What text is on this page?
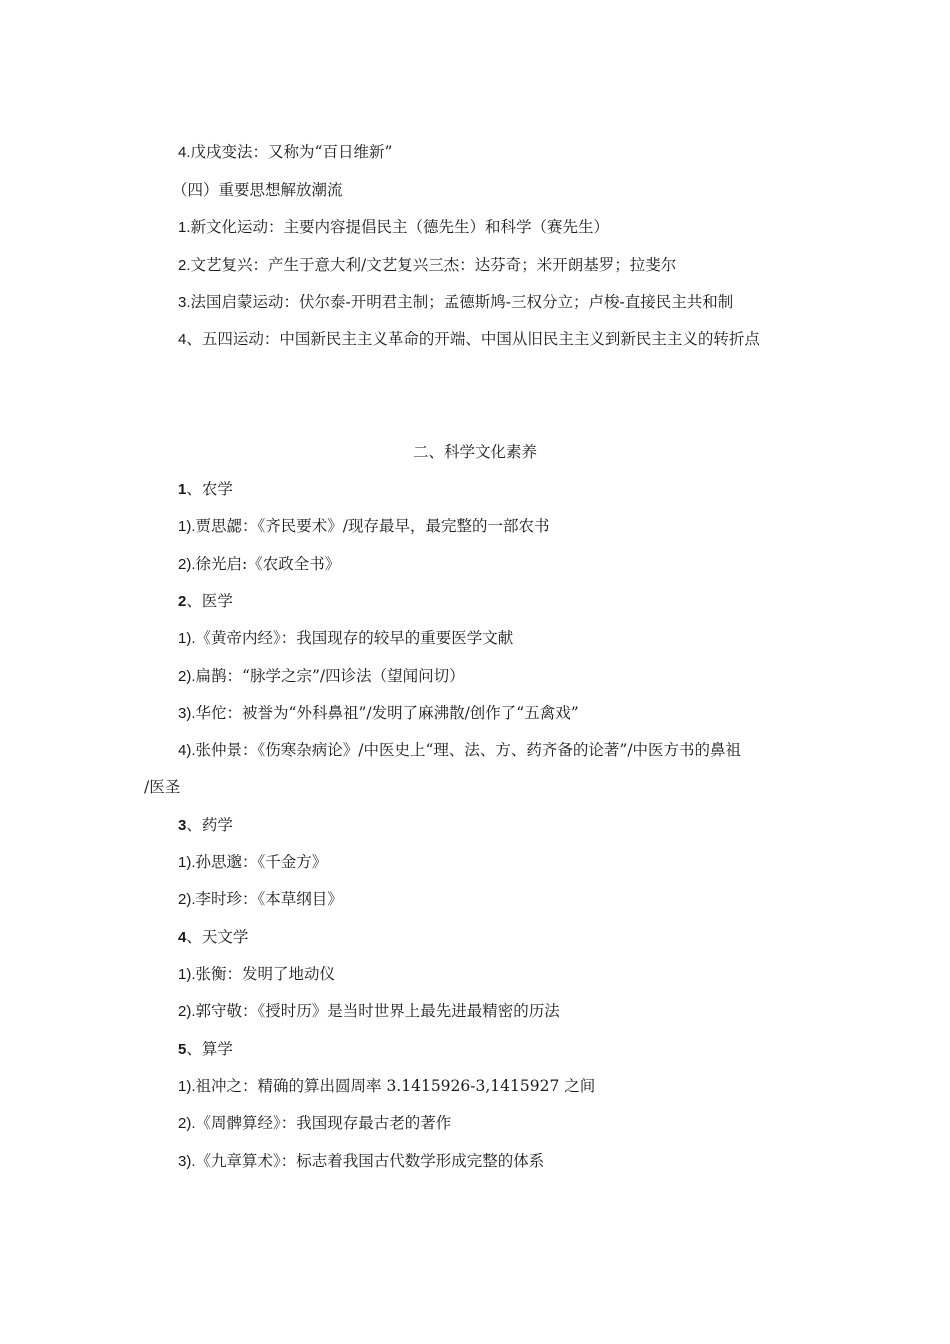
4.戊戌变法：又称为“百日维新”
（四）重要思想解放潮流
1.新文化运动：主要内容提倡民主（德先生）和科学（赛先生）
2.文艺复兴：产生于意大利/文艺复兴三杰：达芬奇；米开朗基罗；拉斐尔
3.法国启蒙运动：伏尔泰-开明君主制；孟德斯鸠-三权分立；卢梭-直接民主共和制
4、五四运动：中国新民主主义革命的开端、中国从旧民主主义到新民主主义的转折点
二、科学文化素养
1、农学
1).贾思勰：《齐民要术》/现存最早，最完整的一部农书
2).徐光启:《农政全书》
2、医学
1).《黄帝内经》：我国现存的较早的重要医学文献
2).扁鹊：“脉学之宗”/四诊法（望闻问切）
3).华佗：被誉为“外科鼻祖”/发明了麻沸散/创作了“五禽戏”
4).张仲景：《伤寒杂病论》/中医史上“理、法、方、药齐备的论著”/中医方书的鼻祖
/医圣
3、药学
1).孙思邈：《千金方》
2).李时珍：《本草纲目》
4、天文学
1).张衡：发明了地动仪
2).郭守敬：《授时历》是当时世界上最先进最精密的历法
5、算学
1).祖冲之：精确的算出圆周率 3.1415926-3,1415927 之间
2).《周髀算经》：我国现存最古老的著作
3).《九章算术》：标志着我国古代数学形成完整的体系
